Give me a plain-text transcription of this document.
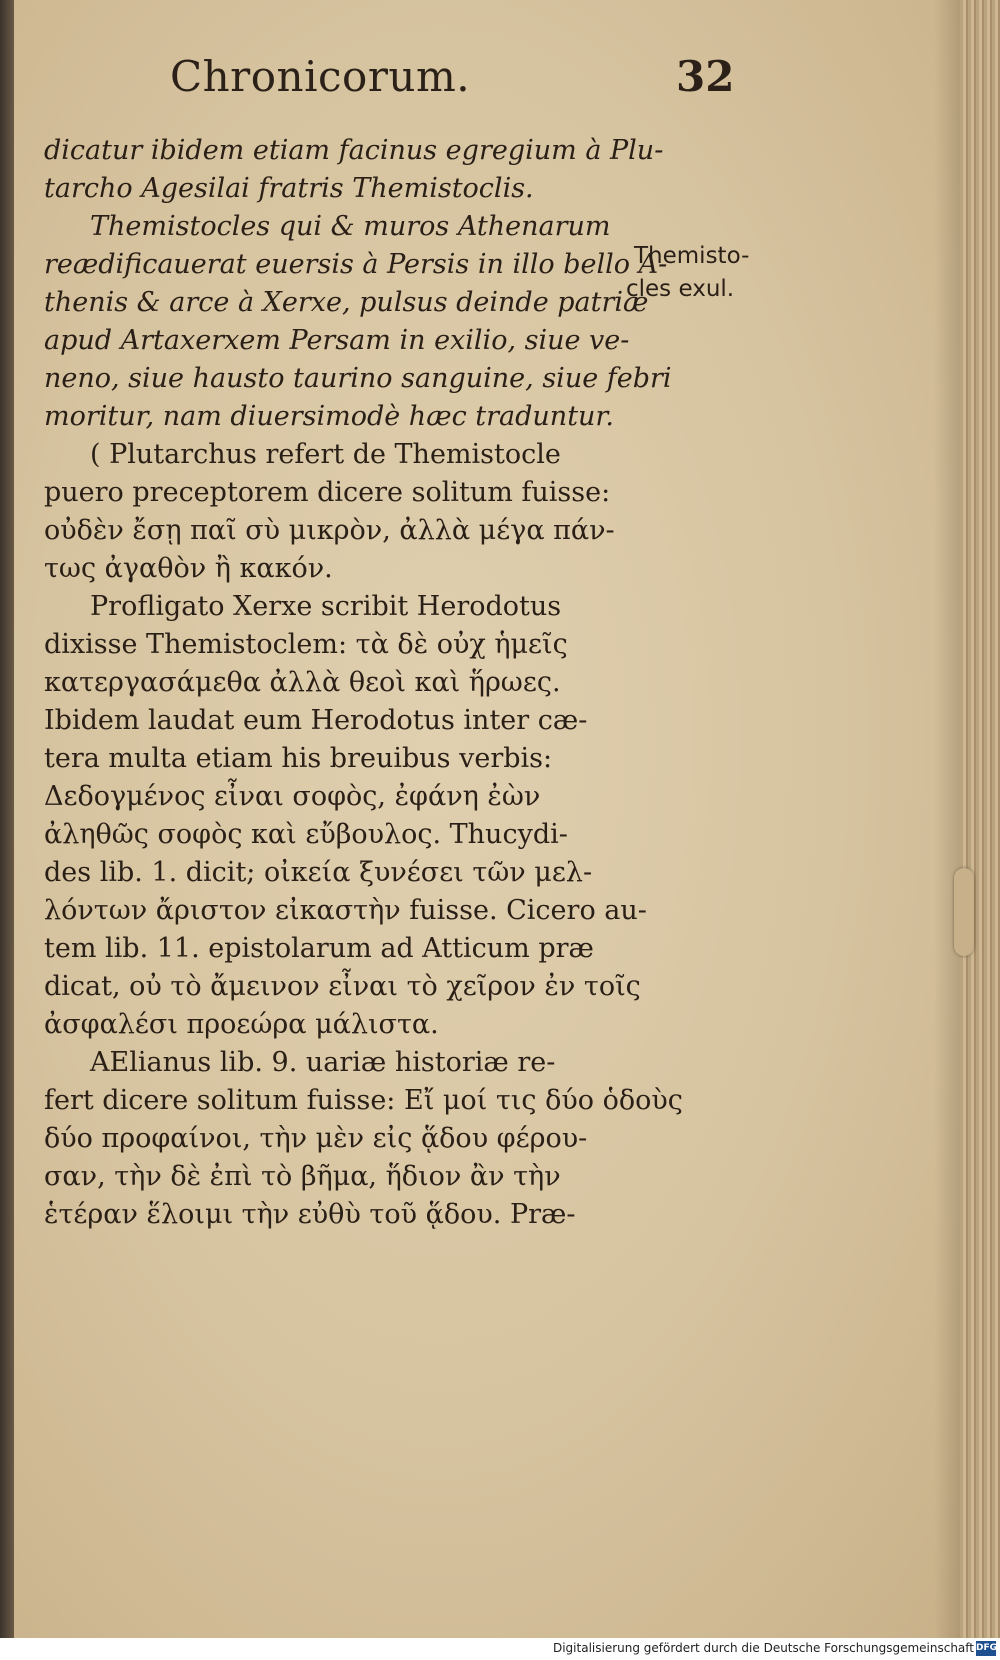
Chronicorum.	32
dicatur ibidem etiam facinus egregium à Plu-
tarcho Agesilai fratris Themistoclis.
Themistocles qui & muros Athenarum
reædificauerat euersis à Persis in illo bello A-
thenis & arce à Xerxe, pulsus deinde patriæ
apud Artaxerxem Persam in exilio, siue ve-
neno, siue hausto taurino sanguine, siue febri
moritur, nam diuersimodè hæc traduntur.
( Plutarchus refert de Themistocle
puero preceptorem dicere solitum fuisse:
οὐδὲν ἔσῃ παῖ σὺ μικρὸν, ἀλλὰ μέγα πάν-
τως ἀγαθὸν ἢ κακόν.
Profligato Xerxe scribit Herodotus
dixisse Themistoclem: τὰ δὲ οὐχ ἡμεῖς
κατεργασάμεθα ἀλλὰ θεοὶ καὶ ἥρωες.
Ibidem laudat eum Herodotus inter cæ-
tera multa etiam his breuibus verbis:
Δεδογμένος εἶναι σοφὸς, ἐφάνη ἐὼν
ἀληθῶς σοφὸς καὶ εὔβουλος. Thucydi-
des lib. 1. dicit; οἰκεία ξυνέσει τῶν μελ-
λόντων ἄριστον εἰκαστὴν fuisse. Cicero au-
tem lib. 11. epistolarum ad Atticum præ
dicat, οὐ τὸ ἄμεινον εἶναι τὸ χεῖρον ἐν τοῖς
ἀσφαλέσι προεώρα μάλιστα.
AElianus lib. 9. uariæ historiæ re-
fert dicere solitum fuisse: Εἴ μοί τις δύο ὁδοὺς
δύο προφαίνοι, τὴν μὲν εἰς ᾅδου φέρου-
σαν, τὴν δὲ ἐπὶ τὸ βῆμα, ἥδιον ἂν τὴν
ἑτέραν ἕλοιμι τὴν εὐθὺ τοῦ ᾅδου. Præ-
Themisto-
cles exul.
Digitalisierung gefördert durch die Deutsche Forschungsgemeinschaft DFG
